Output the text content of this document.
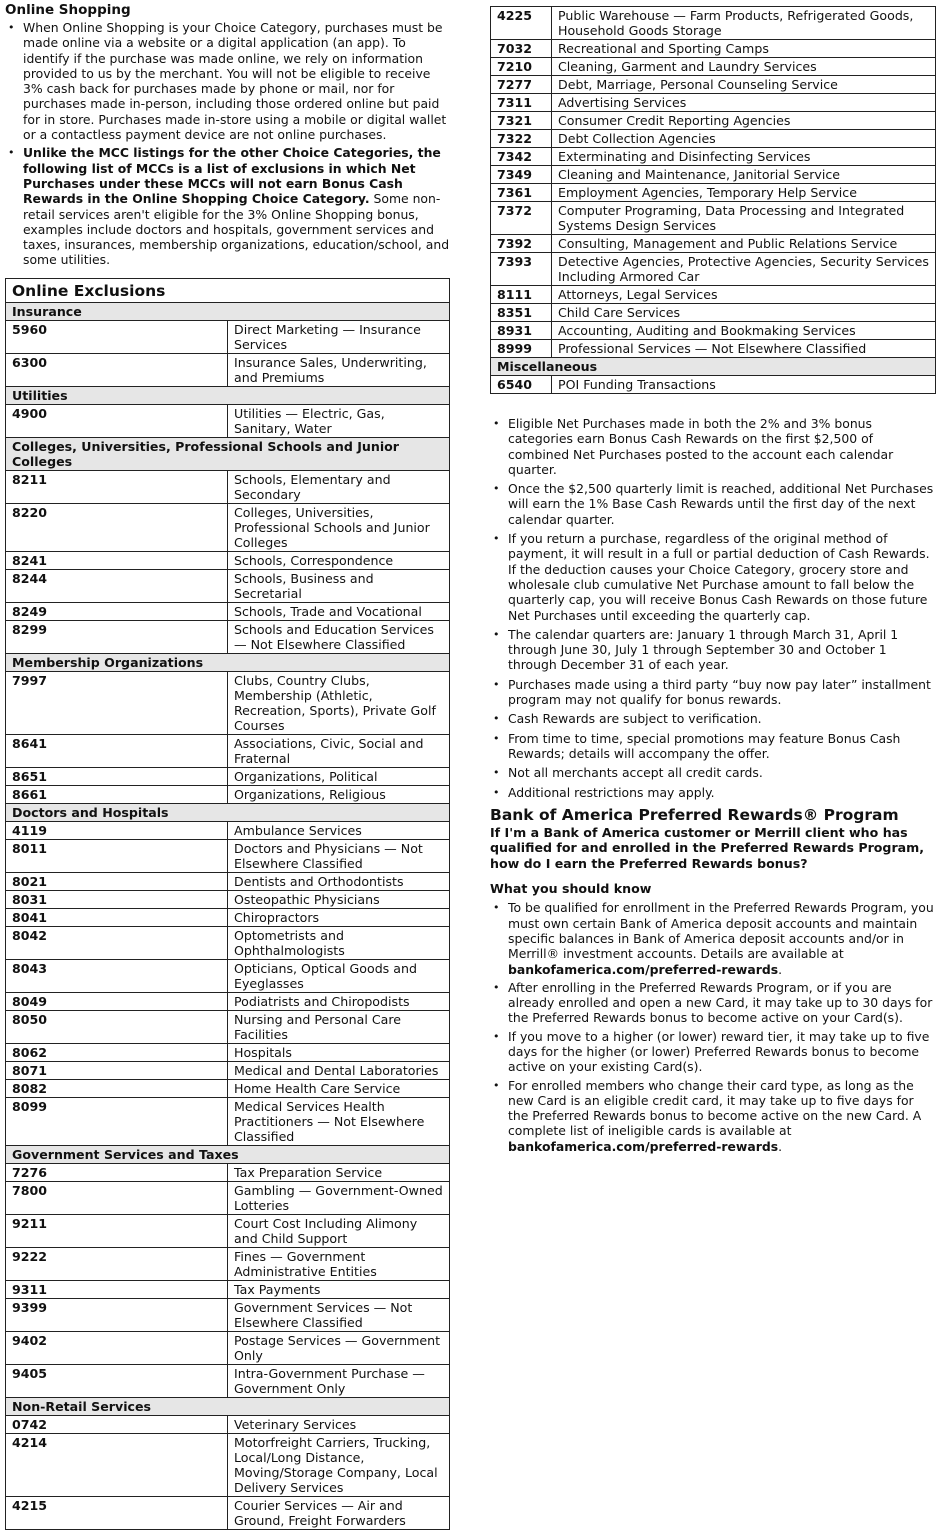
Online Shopping
• When Online Shopping is your Choice Category, purchases must be made online via a website or a digital application (an app). To identify if the purchase was made online, we rely on information provided to us by the merchant. You will not be eligible to receive 3% cash back for purchases made by phone or mail, nor for purchases made in-person, including those ordered online but paid for in store. Purchases made in-store using a mobile or digital wallet or a contactless payment device are not online purchases.
• Unlike the MCC listings for the other Choice Categories, the following list of MCCs is a list of exclusions in which Net Purchases under these MCCs will not earn Bonus Cash Rewards in the Online Shopping Choice Category. Some non-retail services aren't eligible for the 3% Online Shopping bonus, examples include doctors and hospitals, government services and taxes, insurances, membership organizations, education/school, and some utilities.
Online Exclusions	
Insurance	
5960	Direct Marketing — Insurance Services
6300	Insurance Sales, Underwriting, and Premiums
Utilities	
4900	Utilities — Electric, Gas, Sanitary, Water
Colleges, Universities, Professional Schools and Junior Colleges	
8211	Schools, Elementary and Secondary
8220	Colleges, Universities, Professional Schools and Junior Colleges
8241	Schools, Correspondence
8244	Schools, Business and Secretarial
8249	Schools, Trade and Vocational
8299	Schools and Education Services — Not Elsewhere Classified
Membership Organizations	
7997	Clubs, Country Clubs, Membership (Athletic, Recreation, Sports), Private Golf Courses
8641	Associations, Civic, Social and Fraternal
8651	Organizations, Political
8661	Organizations, Religious
Doctors and Hospitals	
4119	Ambulance Services
8011	Doctors and Physicians — Not Elsewhere Classified
8021	Dentists and Orthodontists
8031	Osteopathic Physicians
8041	Chiropractors
8042	Optometrists and Ophthalmologists
8043	Opticians, Optical Goods and Eyeglasses
8049	Podiatrists and Chiropodists
8050	Nursing and Personal Care Facilities
8062	Hospitals
8071	Medical and Dental Laboratories
8082	Home Health Care Service
8099	Medical Services Health Practitioners — Not Elsewhere Classified
Government Services and Taxes	
7276	Tax Preparation Service
7800	Gambling — Government-Owned Lotteries
9211	Court Cost Including Alimony and Child Support
9222	Fines — Government Administrative Entities
9311	Tax Payments
9399	Government Services — Not Elsewhere Classified
9402	Postage Services — Government Only
9405	Intra-Government Purchase — Government Only
Non-Retail Services	
0742	Veterinary Services
4214	Motorfreight Carriers, Trucking, Local/Long Distance, Moving/Storage Company, Local Delivery Services
4215	Courier Services — Air and Ground, Freight Forwarders
4225	Public Warehouse — Farm Products, Refrigerated Goods, Household Goods Storage
7032	Recreational and Sporting Camps
7210	Cleaning, Garment and Laundry Services
7277	Debt, Marriage, Personal Counseling Service
7311	Advertising Services
7321	Consumer Credit Reporting Agencies
7322	Debt Collection Agencies
7342	Exterminating and Disinfecting Services
7349	Cleaning and Maintenance, Janitorial Service
7361	Employment Agencies, Temporary Help Service
7372	Computer Programing, Data Processing and Integrated Systems Design Services
7392	Consulting, Management and Public Relations Service
7393	Detective Agencies, Protective Agencies, Security Services Including Armored Car
8111	Attorneys, Legal Services
8351	Child Care Services
8931	Accounting, Auditing and Bookmaking Services
8999	Professional Services — Not Elsewhere Classified
Miscellaneous	
6540	POI Funding Transactions
• Eligible Net Purchases made in both the 2% and 3% bonus categories earn Bonus Cash Rewards on the first $2,500 of combined Net Purchases posted to the account each calendar quarter.
• Once the $2,500 quarterly limit is reached, additional Net Purchases will earn the 1% Base Cash Rewards until the first day of the next calendar quarter.
• If you return a purchase, regardless of the original method of payment, it will result in a full or partial deduction of Cash Rewards. If the deduction causes your Choice Category, grocery store and wholesale club cumulative Net Purchase amount to fall below the quarterly cap, you will receive Bonus Cash Rewards on those future Net Purchases until exceeding the quarterly cap.
• The calendar quarters are: January 1 through March 31, April 1 through June 30, July 1 through September 30 and October 1 through December 31 of each year.
• Purchases made using a third party “buy now pay later” installment program may not qualify for bonus rewards.
• Cash Rewards are subject to verification.
• From time to time, special promotions may feature Bonus Cash Rewards; details will accompany the offer.
• Not all merchants accept all credit cards.
• Additional restrictions may apply.
Bank of America Preferred Rewards® Program
If I'm a Bank of America customer or Merrill client who has qualified for and enrolled in the Preferred Rewards Program, how do I earn the Preferred Rewards bonus?
What you should know
• To be qualified for enrollment in the Preferred Rewards Program, you must own certain Bank of America deposit accounts and maintain specific balances in Bank of America deposit accounts and/or in Merrill® investment accounts. Details are available at bankofamerica.com/preferred-rewards.
• After enrolling in the Preferred Rewards Program, or if you are already enrolled and open a new Card, it may take up to 30 days for the Preferred Rewards bonus to become active on your Card(s).
• If you move to a higher (or lower) reward tier, it may take up to five days for the higher (or lower) Preferred Rewards bonus to become active on your existing Card(s).
• For enrolled members who change their card type, as long as the new Card is an eligible credit card, it may take up to five days for the Preferred Rewards bonus to become active on the new Card. A complete list of ineligible cards is available at bankofamerica.com/preferred-rewards.
